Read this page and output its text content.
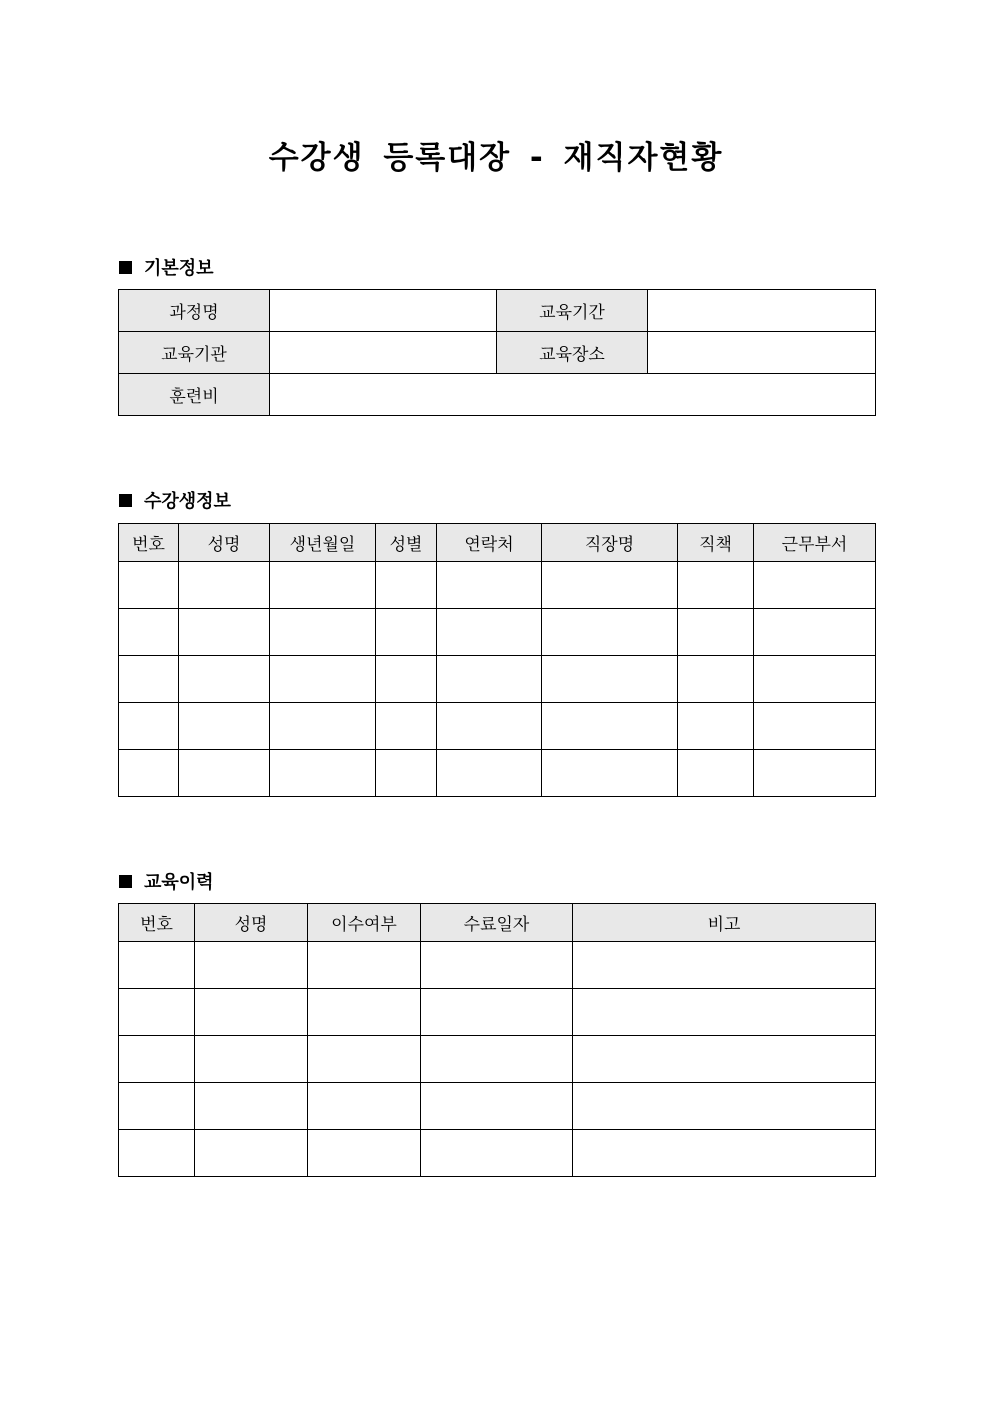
수강생 등록대장 - 재직자현황
기본정보
과정명		교육기간	
교육기관		교육장소	
훈련비			
수강생정보
번호	성명	생년월일	성별	연락처	직장명	직책	근무부서

교육이력
번호	성명	이수여부	수료일자	비고
